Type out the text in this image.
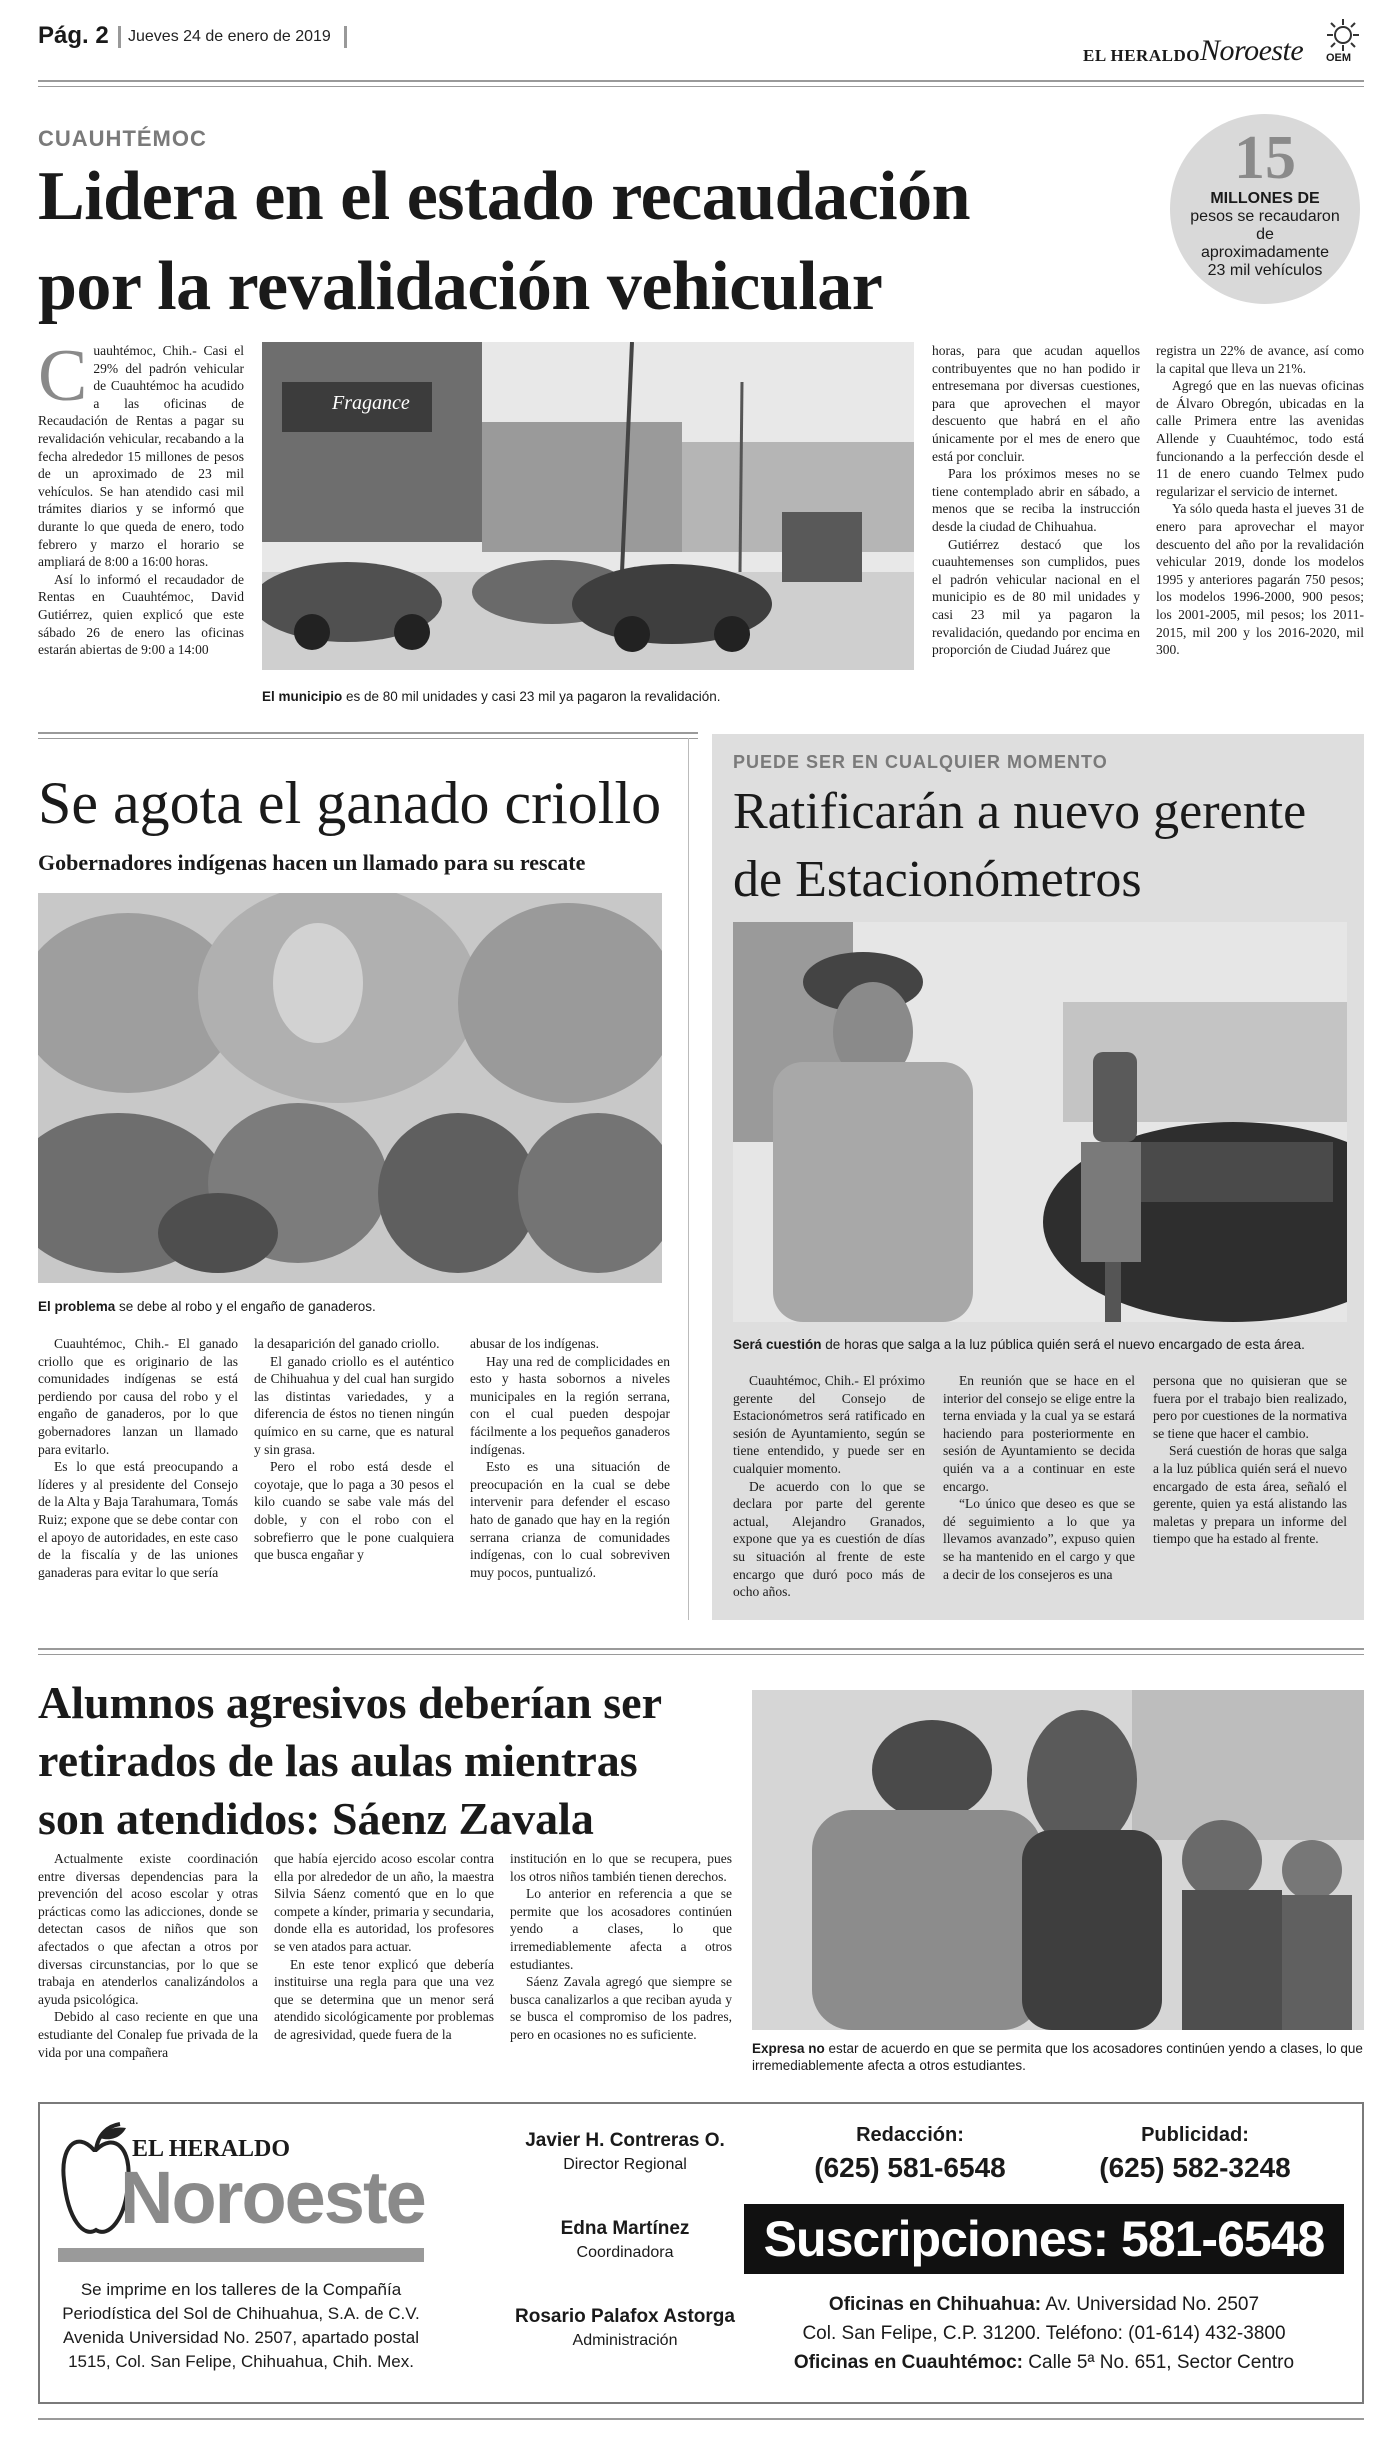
Pág. 2 Jueves 24 de enero de 2019
EL HERALDO Noroeste OEM
CUAUHTÉMOC
Lidera en el estado recaudación
por la revalidación vehicular
15
MILLONES DE pesos se recaudaron de aproximadamente 23 mil vehículos

Cuauhtémoc, Chih.- Casi el 29% del padrón vehicular de Cuauhtémoc ha acudido a las oficinas de Recaudación de Rentas a pagar su revalidación vehicular, recabando a la fecha alrededor 15 millones de pesos de un aproximado de 23 mil vehículos. Se han atendido casi mil trámites diarios y se informó que durante lo que queda de enero, todo febrero y marzo el horario se ampliará de 8:00 a 16:00 horas.

Así lo informó el recaudador de Rentas en Cuauhtémoc, David Gutiérrez, quien explicó que este sábado 26 de enero las oficinas estarán abiertas de 9:00 a 14:00

Fragance
El municipio es de 80 mil unidades y casi 23 mil ya pagaron la revalidación.

horas, para que acudan aquellos contribuyentes que no han podido ir entresemana por diversas cuestiones, para que aprovechen el mayor descuento que habrá en el año únicamente por el mes de enero que está por concluir.

Para los próximos meses no se tiene contemplado abrir en sábado, a menos que se reciba la instrucción desde la ciudad de Chihuahua.

Gutiérrez destacó que los cuauhtemenses son cumplidos, pues el padrón vehicular nacional en el municipio es de 80 mil unidades y casi 23 mil ya pagaron la revalidación, quedando por encima en proporción de Ciudad Juárez que

registra un 22% de avance, así como la capital que lleva un 21%.

Agregó que en las nuevas oficinas de Álvaro Obregón, ubicadas en la calle Primera entre las avenidas Allende y Cuauhtémoc, todo está funcionando a la perfección desde el 11 de enero cuando Telmex pudo regularizar el servicio de internet.

Ya sólo queda hasta el jueves 31 de enero para aprovechar el mayor descuento del año por la revalidación vehicular 2019, donde los modelos 1995 y anteriores pagarán 750 pesos; los modelos 1996-2000, 900 pesos; los 2001-2005, mil pesos; los 2011-2015, mil 200 y los 2016-2020, mil 300.

Se agota el ganado criollo
Gobernadores indígenas hacen un llamado para su rescate
El problema se debe al robo y el engaño de ganaderos.

Cuauhtémoc, Chih.- El ganado criollo que es originario de las comunidades indígenas se está perdiendo por causa del robo y el engaño de ganaderos, por lo que gobernadores lanzan un llamado para evitarlo.

Es lo que está preocupando a líderes y al presidente del Consejo de la Alta y Baja Tarahumara, Tomás Ruiz; expone que se debe contar con el apoyo de autoridades, en este caso de la fiscalía y de las uniones ganaderas para evitar lo que sería

la desaparición del ganado criollo.

El ganado criollo es el auténtico de Chihuahua y del cual han surgido las distintas variedades, y a diferencia de éstos no tienen ningún químico en su carne, que es natural y sin grasa.

Pero el robo está desde el coyotaje, que lo paga a 30 pesos el kilo cuando se sabe vale más del doble, y con el robo con el sobrefierro que le pone cualquiera que busca engañar y

abusar de los indígenas.

Hay una red de complicidades en esto y hasta sobornos a niveles municipales en la región serrana, con el cual pueden despojar fácilmente a los pequeños ganaderos indígenas.

Esto es una situación de preocupación en la cual se debe intervenir para defender el escaso hato de ganado que hay en la región serrana crianza de comunidades indígenas, con lo cual sobreviven muy pocos, puntualizó.

PUEDE SER EN CUALQUIER MOMENTO
Ratificarán a nuevo gerente
de Estacionómetros
Será cuestión de horas que salga a la luz pública quién será el nuevo encargado de esta área.

Cuauhtémoc, Chih.- El próximo gerente del Consejo de Estacionómetros será ratificado en sesión de Ayuntamiento, según se tiene entendido, y puede ser en cualquier momento.

De acuerdo con lo que se declara por parte del gerente actual, Alejandro Granados, expone que ya es cuestión de días su situación al frente de este encargo que duró poco más de ocho años.

En reunión que se hace en el interior del consejo se elige entre la terna enviada y la cual ya se estará haciendo para posteriormente en sesión de Ayuntamiento se decida quién va a a continuar en este encargo.

“Lo único que deseo es que se dé seguimiento a lo que ya llevamos avanzado”, expuso quien se ha mantenido en el cargo y que a decir de los consejeros es una

persona que no quisieran que se fuera por el trabajo bien realizado, pero por cuestiones de la normativa se tiene que hacer el cambio.

Será cuestión de horas que salga a la luz pública quién será el nuevo encargado de esta área, señaló el gerente, quien ya está alistando las maletas y prepara un informe del tiempo que ha estado al frente.

Alumnos agresivos deberían ser
retirados de las aulas mientras
son atendidos: Sáenz Zavala

Actualmente existe coordinación entre diversas dependencias para la prevención del acoso escolar y otras prácticas como las adicciones, donde se detectan casos de niños que son afectados o que afectan a otros por diversas circunstancias, por lo que se trabaja en atenderlos canalizándolos a ayuda psicológica.

Debido al caso reciente en que una estudiante del Conalep fue privada de la vida por una compañera

que había ejercido acoso escolar contra ella por alrededor de un año, la maestra Silvia Sáenz comentó que en lo que compete a kínder, primaria y secundaria, donde ella es autoridad, los profesores se ven atados para actuar.

En este tenor explicó que debería instituirse una regla para que una vez que se determina que un menor será atendido sicológicamente por problemas de agresividad, quede fuera de la

institución en lo que se recupera, pues los otros niños también tienen derechos.

Lo anterior en referencia a que se permite que los acosadores continúen yendo a clases, lo que irremediablemente afecta a otros estudiantes.

Sáenz Zavala agregó que siempre se busca canalizarlos a que reciban ayuda y se busca el compromiso de los padres, pero en ocasiones no es suficiente.

Expresa no estar de acuerdo en que se permita que los acosadores continúen yendo a clases, lo que irremediablemente afecta a otros estudiantes.
EL HERALDO
Noroeste
Se imprime en los talleres de la Compañía
Periodística del Sol de Chihuahua, S.A. de C.V.
Avenida Universidad No. 2507, apartado postal
1515, Col. San Felipe, Chihuahua, Chih. Mex.
Javier H. Contreras O.
Director Regional
Edna Martínez
Coordinadora
Rosario Palafox Astorga
Administración
Redacción:
(625) 581-6548
Publicidad:
(625) 582-3248
Suscripciones: 581-6548
Oficinas en Chihuahua: Av. Universidad No. 2507
Col. San Felipe, C.P. 31200. Teléfono: (01-614) 432-3800
Oficinas en Cuauhtémoc: Calle 5ª No. 651, Sector Centro
